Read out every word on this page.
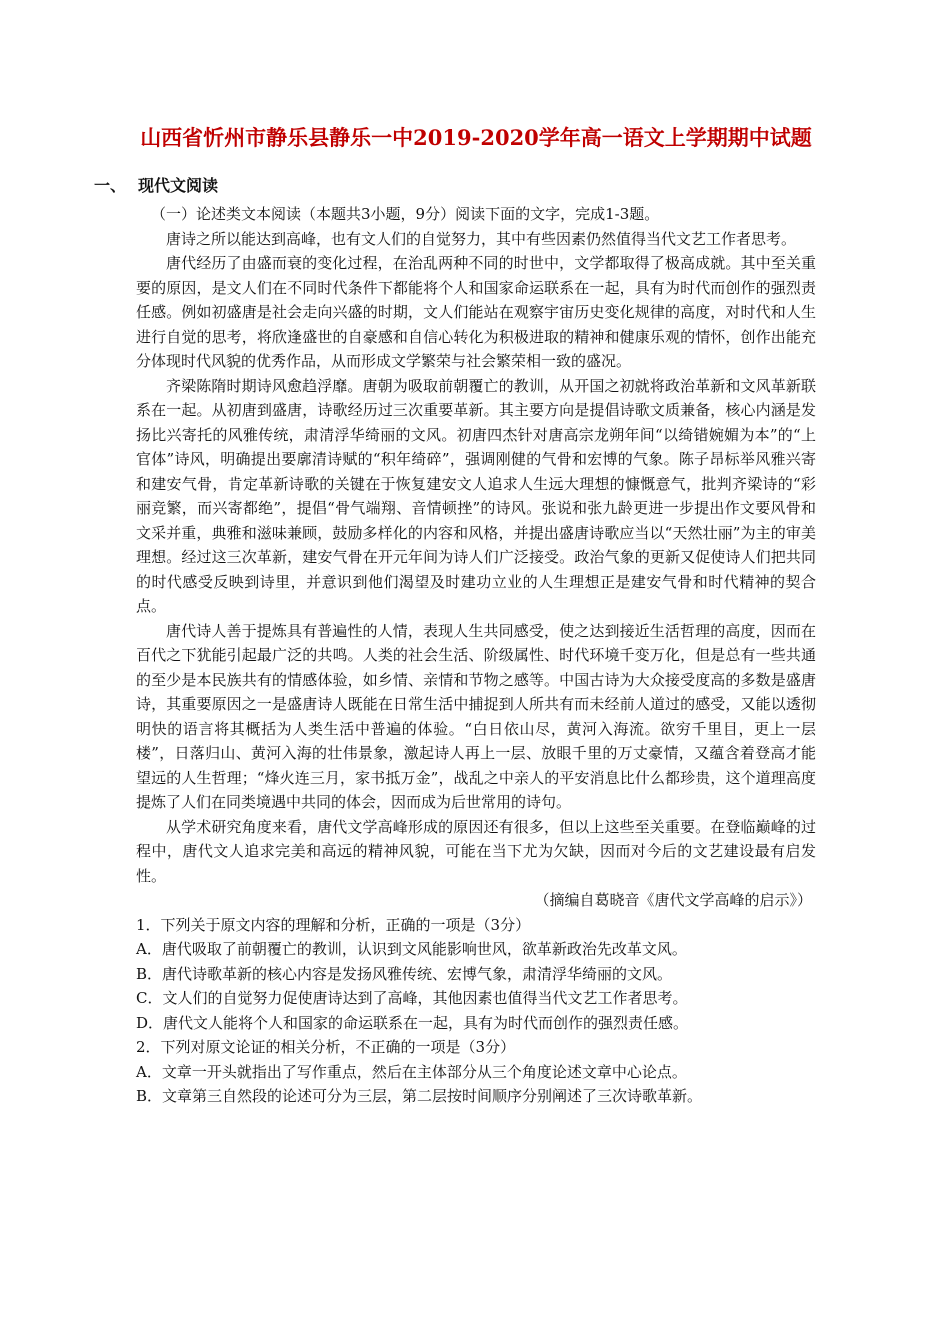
山西省忻州市静乐县静乐一中2019-2020学年高一语文上学期期中试题
一、 现代文阅读

（一）论述类文本阅读（本题共3小题，9分）阅读下面的文字，完成1-3题。

唐诗之所以能达到高峰，也有文人们的自觉努力，其中有些因素仍然值得当代文艺工作者思考。

唐代经历了由盛而衰的变化过程，在治乱两种不同的时世中，文学都取得了极高成就。其中至关重要的原因，是文人们在不同时代条件下都能将个人和国家命运联系在一起，具有为时代而创作的强烈责任感。例如初盛唐是社会走向兴盛的时期，文人们能站在观察宇宙历史变化规律的高度，对时代和人生进行自觉的思考，将欣逢盛世的自豪感和自信心转化为积极进取的精神和健康乐观的情怀，创作出能充分体现时代风貌的优秀作品，从而形成文学繁荣与社会繁荣相一致的盛况。

齐梁陈隋时期诗风愈趋浮靡。唐朝为吸取前朝覆亡的教训，从开国之初就将政治革新和文风革新联系在一起。从初唐到盛唐，诗歌经历过三次重要革新。其主要方向是提倡诗歌文质兼备，核心内涵是发扬比兴寄托的风雅传统，肃清浮华绮丽的文风。初唐四杰针对唐高宗龙朔年间“以绮错婉媚为本”的“上官体”诗风，明确提出要廓清诗赋的“积年绮碎”，强调刚健的气骨和宏博的气象。陈子昂标举风雅兴寄和建安气骨，肯定革新诗歌的关键在于恢复建安文人追求人生远大理想的慷慨意气，批判齐梁诗的“彩丽竞繁，而兴寄都绝”，提倡“骨气端翔、音情顿挫”的诗风。张说和张九龄更进一步提出作文要风骨和文采并重，典雅和滋味兼顾，鼓励多样化的内容和风格，并提出盛唐诗歌应当以“天然壮丽”为主的审美理想。经过这三次革新，建安气骨在开元年间为诗人们广泛接受。政治气象的更新又促使诗人们把共同的时代感受反映到诗里，并意识到他们渴望及时建功立业的人生理想正是建安气骨和时代精神的契合点。

唐代诗人善于提炼具有普遍性的人情，表现人生共同感受，使之达到接近生活哲理的高度，因而在百代之下犹能引起最广泛的共鸣。人类的社会生活、阶级属性、时代环境千变万化，但是总有一些共通的至少是本民族共有的情感体验，如乡情、亲情和节物之感等。中国古诗为大众接受度高的多数是盛唐诗，其重要原因之一是盛唐诗人既能在日常生活中捕捉到人所共有而未经前人道过的感受，又能以透彻明快的语言将其概括为人类生活中普遍的体验。“白日依山尽，黄河入海流。欲穷千里目，更上一层楼”，日落归山、黄河入海的壮伟景象，激起诗人再上一层、放眼千里的万丈豪情，又蕴含着登高才能望远的人生哲理；“烽火连三月，家书抵万金”，战乱之中亲人的平安消息比什么都珍贵，这个道理高度提炼了人们在同类境遇中共同的体会，因而成为后世常用的诗句。

从学术研究角度来看，唐代文学高峰形成的原因还有很多，但以上这些至关重要。在登临巅峰的过程中，唐代文人追求完美和高远的精神风貌，可能在当下尤为欠缺，因而对今后的文艺建设最有启发性。

（摘编自葛晓音《唐代文学高峰的启示》）

1．下列关于原文内容的理解和分析，正确的一项是（3分）

A．唐代吸取了前朝覆亡的教训，认识到文风能影响世风，欲革新政治先改革文风。

B．唐代诗歌革新的核心内容是发扬风雅传统、宏博气象，肃清浮华绮丽的文风。

C．文人们的自觉努力促使唐诗达到了高峰，其他因素也值得当代文艺工作者思考。

D．唐代文人能将个人和国家的命运联系在一起，具有为时代而创作的强烈责任感。

2．下列对原文论证的相关分析，不正确的一项是（3分）

A．文章一开头就指出了写作重点，然后在主体部分从三个角度论述文章中心论点。

B．文章第三自然段的论述可分为三层，第二层按时间顺序分别阐述了三次诗歌革新。
